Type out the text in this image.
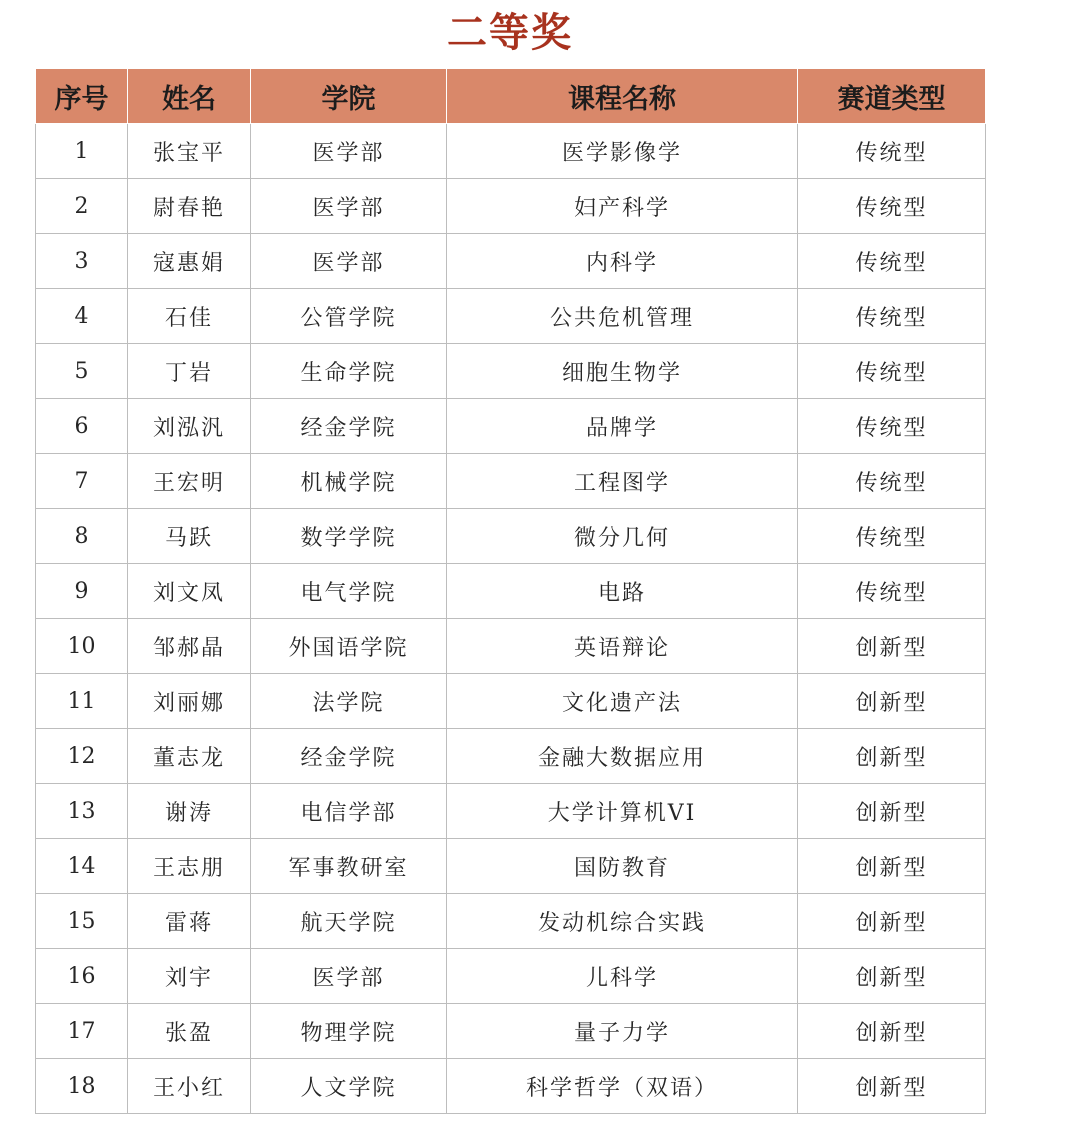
二等奖
序号	姓名	学院	课程名称	赛道类型
1	张宝平	医学部	医学影像学	传统型
2	尉春艳	医学部	妇产科学	传统型
3	寇惠娟	医学部	内科学	传统型
4	石佳	公管学院	公共危机管理	传统型
5	丁岩	生命学院	细胞生物学	传统型
6	刘泓汎	经金学院	品牌学	传统型
7	王宏明	机械学院	工程图学	传统型
8	马跃	数学学院	微分几何	传统型
9	刘文凤	电气学院	电路	传统型
10	邹郝晶	外国语学院	英语辩论	创新型
11	刘丽娜	法学院	文化遗产法	创新型
12	董志龙	经金学院	金融大数据应用	创新型
13	谢涛	电信学部	大学计算机VI	创新型
14	王志朋	军事教研室	国防教育	创新型
15	雷蒋	航天学院	发动机综合实践	创新型
16	刘宇	医学部	儿科学	创新型
17	张盈	物理学院	量子力学	创新型
18	王小红	人文学院	科学哲学（双语）	创新型
